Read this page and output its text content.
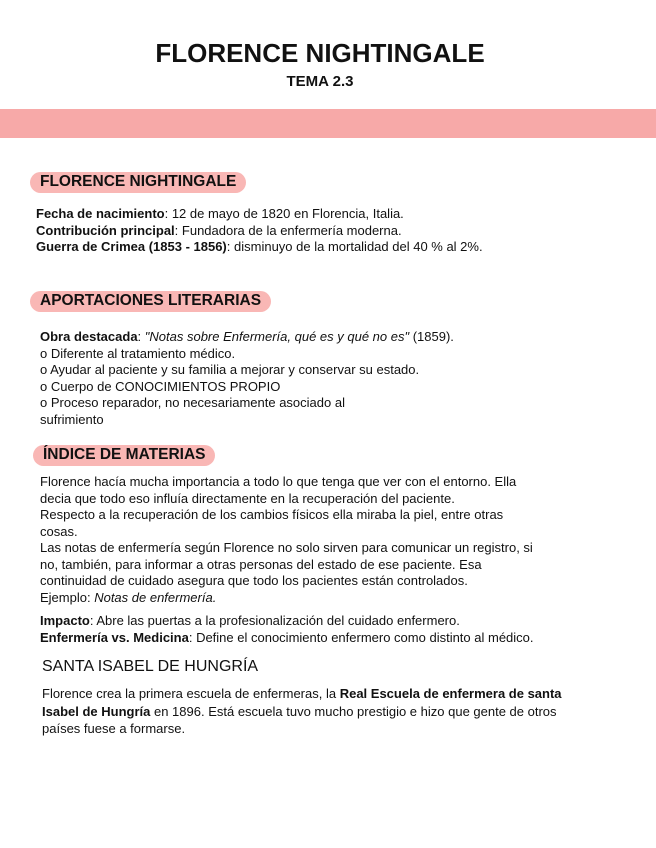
FLORENCE NIGHTINGALE
TEMA 2.3
FLORENCE NIGHTINGALE

Fecha de nacimiento: 12 de mayo de 1820 en Florencia, Italia.

Contribución principal: Fundadora de la enfermería moderna.

Guerra de Crimea (1853 - 1856): disminuyo de la mortalidad del 40 % al 2%.

APORTACIONES LITERARIAS

Obra destacada: "Notas sobre Enfermería, qué es y qué no es" (1859).

o Diferente al tratamiento médico.

o Ayudar al paciente y su familia a mejorar y conservar su estado.

o Cuerpo de CONOCIMIENTOS PROPIO

o Proceso reparador, no necesariamente asociado al

sufrimiento

ÍNDICE DE MATERIAS

Florence hacía mucha importancia a todo lo que tenga que ver con el entorno. Ella

decia que todo eso influía directamente en la recuperación del paciente.

Respecto a la recuperación de los cambios físicos ella miraba la piel, entre otras

cosas.

Las notas de enfermería según Florence no solo sirven para comunicar un registro, si

no, también, para informar a otras personas del estado de ese paciente. Esa

continuidad de cuidado asegura que todo los pacientes están controlados.

Ejemplo: Notas de enfermería.

Impacto: Abre las puertas a la profesionalización del cuidado enfermero.

Enfermería vs. Medicina: Define el conocimiento enfermero como distinto al médico.

SANTA ISABEL DE HUNGRÍA

Florence crea la primera escuela de enfermeras, la Real Escuela de enfermera de santa

Isabel de Hungría en 1896. Está escuela tuvo mucho prestigio e hizo que gente de otros

países fuese a formarse.
